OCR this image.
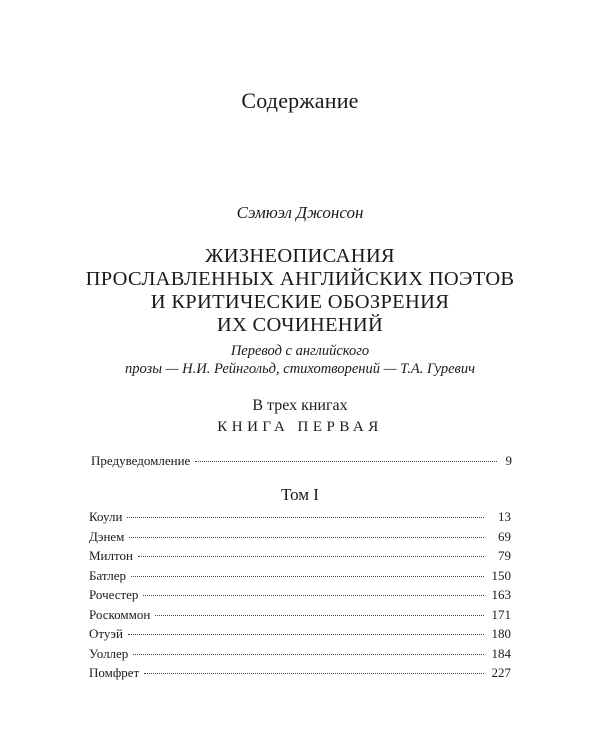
Содержание
Сэмюэл Джонсон
ЖИЗНЕОПИСАНИЯ
ПРОСЛАВЛЕННЫХ АНГЛИЙСКИХ ПОЭТОВ
И КРИТИЧЕСКИЕ ОБОЗРЕНИЯ
ИХ СОЧИНЕНИЙ
Перевод с английского
прозы — Н.И. Рейнгольд, стихотворений — Т.А. Гуревич
В трех книгах
КНИГА ПЕРВАЯ
Предуведомление	9
Том I
Коули	13
Дэнем	69
Милтон	79
Батлер	150
Рочестер	163
Роскоммон	171
Отуэй	180
Уоллер	184
Помфрет	227
